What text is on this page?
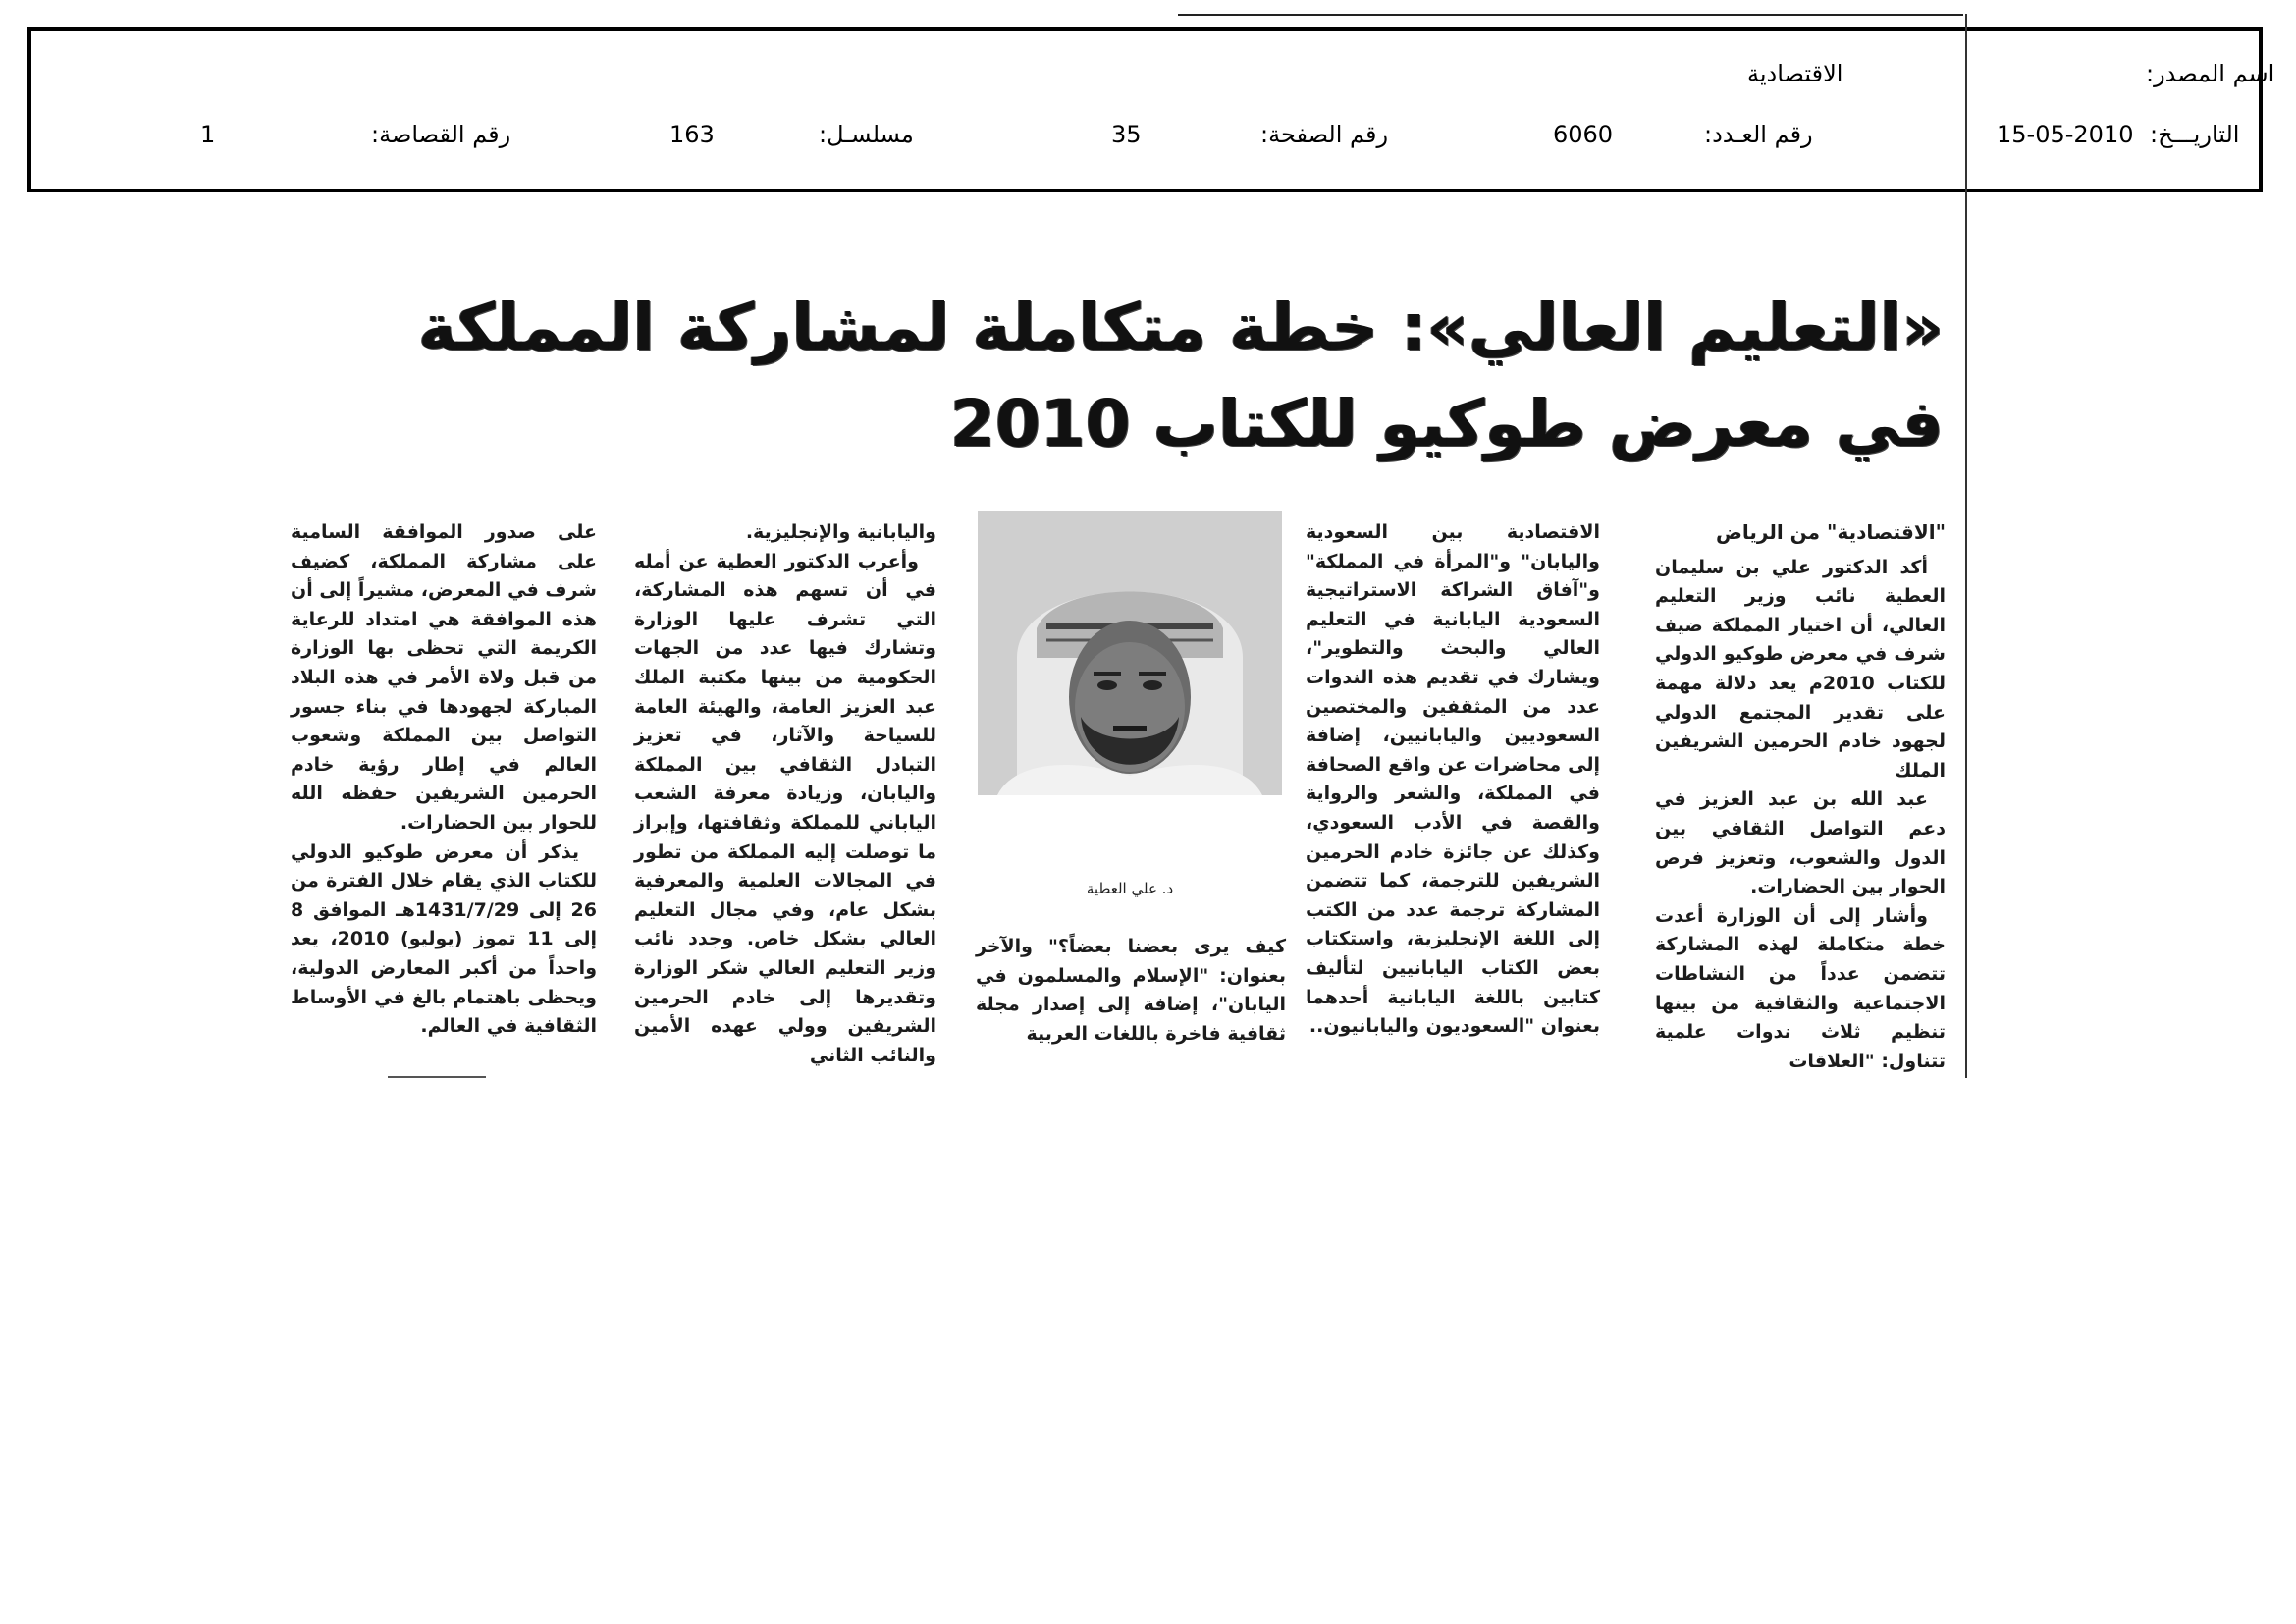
اسم المصدر:
الاقتصادية
التاريـــخ:
15-05-2010
رقم العـدد:
6060
رقم الصفحة:
35
مسلسـل:
163
رقم القصاصة:
1
«التعليم العالي»: خطة متكاملة لمشاركة المملكة
في معرض طوكيو للكتاب 2010
"الاقتصادية" من الرياض

أكد الدكتور علي بن سليمان العطية نائب وزير التعليم العالي، أن اختيار المملكة ضيف شرف في معرض طوكيو الدولي للكتاب 2010م يعد دلالة مهمة على تقدير المجتمع الدولي لجهود خادم الحرمين الشريفين الملك

عبد الله بن عبد العزيز في دعم التواصل الثقافي بين الدول والشعوب، وتعزيز فرص الحوار بين الحضارات.

وأشار إلى أن الوزارة أعدت خطة متكاملة لهذه المشاركة تتضمن عدداً من النشاطات الاجتماعية والثقافية من بينها تنظيم ثلاث ندوات علمية تتناول: "العلاقات

الاقتصادية بين السعودية واليابان" و"المرأة في المملكة" و"آفاق الشراكة الاستراتيجية السعودية اليابانية في التعليم العالي والبحث والتطوير"، ويشارك في تقديم هذه الندوات عدد من المثقفين والمختصين السعوديين واليابانيين، إضافة إلى محاضرات عن واقع الصحافة في المملكة، والشعر والرواية والقصة في الأدب السعودي، وكذلك عن جائزة خادم الحرمين الشريفين للترجمة، كما تتضمن المشاركة ترجمة عدد من الكتب إلى اللغة الإنجليزية، واستكتاب بعض الكتاب اليابانيين لتأليف كتابين باللغة اليابانية أحدهما بعنوان "السعوديون واليابانيون..

د. علي العطية

كيف يرى بعضنا بعضاً؟" والآخر بعنوان: "الإسلام والمسلمون في اليابان"، إضافة إلى إصدار مجلة ثقافية فاخرة باللغات العربية

واليابانية والإنجليزية.

وأعرب الدكتور العطية عن أمله في أن تسهم هذه المشاركة، التي تشرف عليها الوزارة وتشارك فيها عدد من الجهات الحكومية من بينها مكتبة الملك عبد العزيز العامة، والهيئة العامة للسياحة والآثار، في تعزيز التبادل الثقافي بين المملكة واليابان، وزيادة معرفة الشعب الياباني للمملكة وثقافتها، وإبراز ما توصلت إليه المملكة من تطور في المجالات العلمية والمعرفية بشكل عام، وفي مجال التعليم العالي بشكل خاص. وجدد نائب وزير التعليم العالي شكر الوزارة وتقديرها إلى خادم الحرمين الشريفين وولي عهده الأمين والنائب الثاني

على صدور الموافقة السامية على مشاركة المملكة، كضيف شرف في المعرض، مشيراً إلى أن هذه الموافقة هي امتداد للرعاية الكريمة التي تحظى بها الوزارة من قبل ولاة الأمر في هذه البلاد المباركة لجهودها في بناء جسور التواصل بين المملكة وشعوب العالم في إطار رؤية خادم الحرمين الشريفين حفظه الله للحوار بين الحضارات.

يذكر أن معرض طوكيو الدولي للكتاب الذي يقام خلال الفترة من 26 إلى 1431/7/29هـ الموافق 8 إلى 11 تموز (يوليو) 2010، يعد واحداً من أكبر المعارض الدولية، ويحظى باهتمام بالغ في الأوساط الثقافية في العالم.
